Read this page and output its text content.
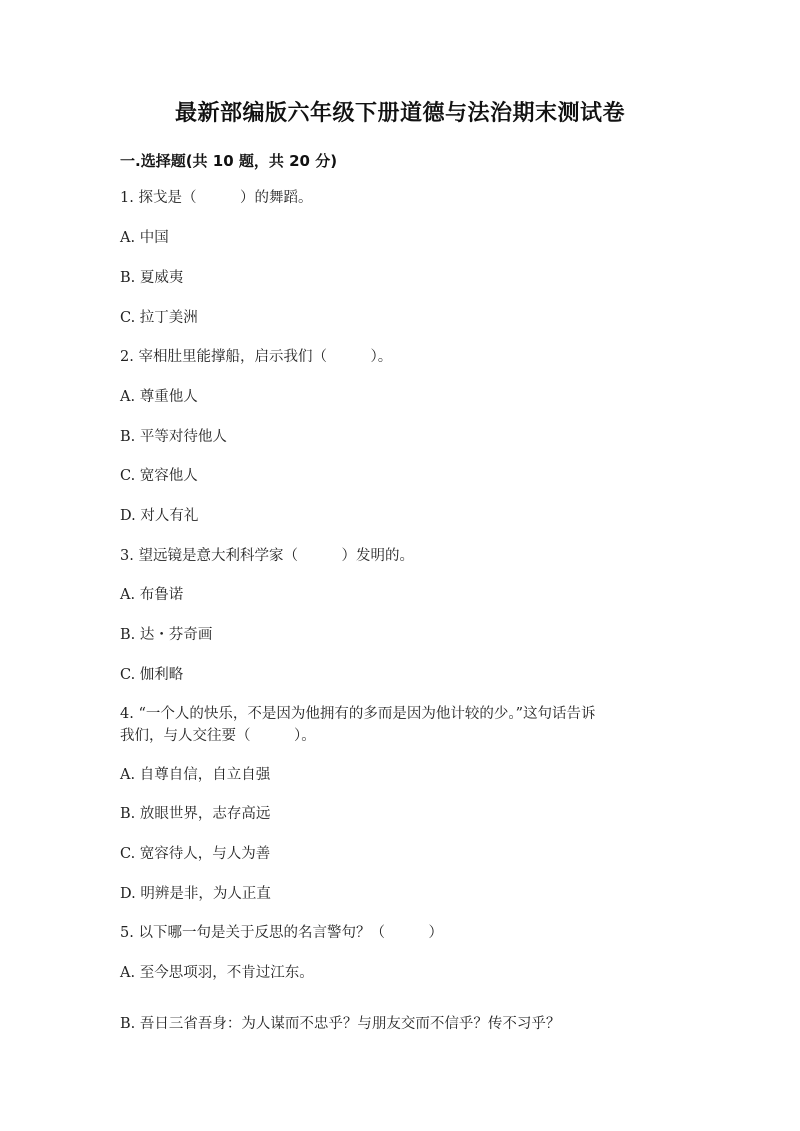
最新部编版六年级下册道德与法治期末测试卷
一.选择题(共 10 题，共 20 分)
1. 探戈是（　　　）的舞蹈。
A. 中国
B. 夏威夷
C. 拉丁美洲
2. 宰相肚里能撑船，启示我们（　　　）。
A. 尊重他人
B. 平等对待他人
C. 宽容他人
D. 对人有礼
3. 望远镜是意大利科学家（　　　）发明的。
A. 布鲁诺
B. 达・芬奇画
C. 伽利略
4. “一个人的快乐，不是因为他拥有的多而是因为他计较的少。”这句话告诉
我们，与人交往要（　　　）。
A. 自尊自信，自立自强
B. 放眼世界，志存高远
C. 宽容待人，与人为善
D. 明辨是非，为人正直
5. 以下哪一句是关于反思的名言警句？（　　　）
A. 至今思项羽，不肯过江东。
B. 吾日三省吾身：为人谋而不忠乎？与朋友交而不信乎？传不习乎？
